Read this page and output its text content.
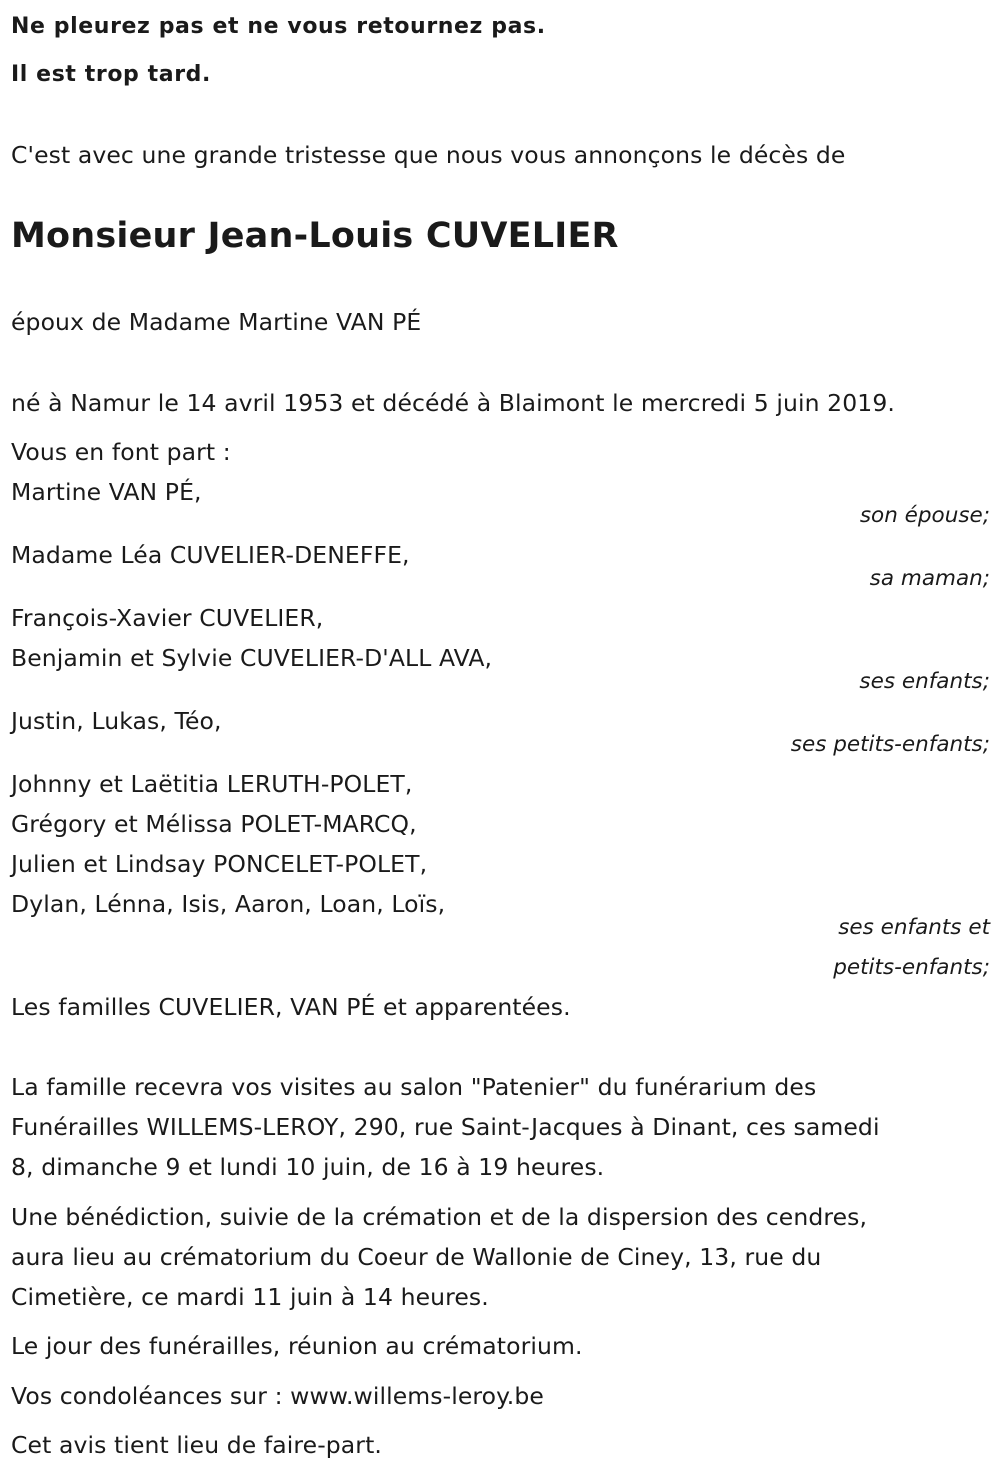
Ne pleurez pas et ne vous retournez pas.
Il est trop tard.
C'est avec une grande tristesse que nous vous annonçons le décès de
Monsieur Jean-Louis CUVELIER
époux de Madame Martine VAN PÉ
né à Namur le 14 avril 1953 et décédé à Blaimont le mercredi 5 juin 2019.
Vous en font part :
Martine VAN PÉ,
son épouse;
Madame Léa CUVELIER-DENEFFE,
sa maman;
François-Xavier CUVELIER,
Benjamin et Sylvie CUVELIER-D'ALL AVA,
ses enfants;
Justin, Lukas, Téo,
ses petits-enfants;
Johnny et Laëtitia LERUTH-POLET,
Grégory et Mélissa POLET-MARCQ,
Julien et Lindsay PONCELET-POLET,
Dylan, Lénna, Isis, Aaron, Loan, Loïs,
ses enfants et
petits-enfants;
Les familles CUVELIER, VAN PÉ et apparentées.
La famille recevra vos visites au salon "Patenier" du funérarium des
Funérailles WILLEMS-LEROY, 290, rue Saint-Jacques à Dinant, ces samedi
8, dimanche 9 et lundi 10 juin, de 16 à 19 heures.
Une bénédiction, suivie de la crémation et de la dispersion des cendres,
aura lieu au crématorium du Coeur de Wallonie de Ciney, 13, rue du
Cimetière, ce mardi 11 juin à 14 heures.
Le jour des funérailles, réunion au crématorium.
Vos condoléances sur : www.willems-leroy.be
Cet avis tient lieu de faire-part.
